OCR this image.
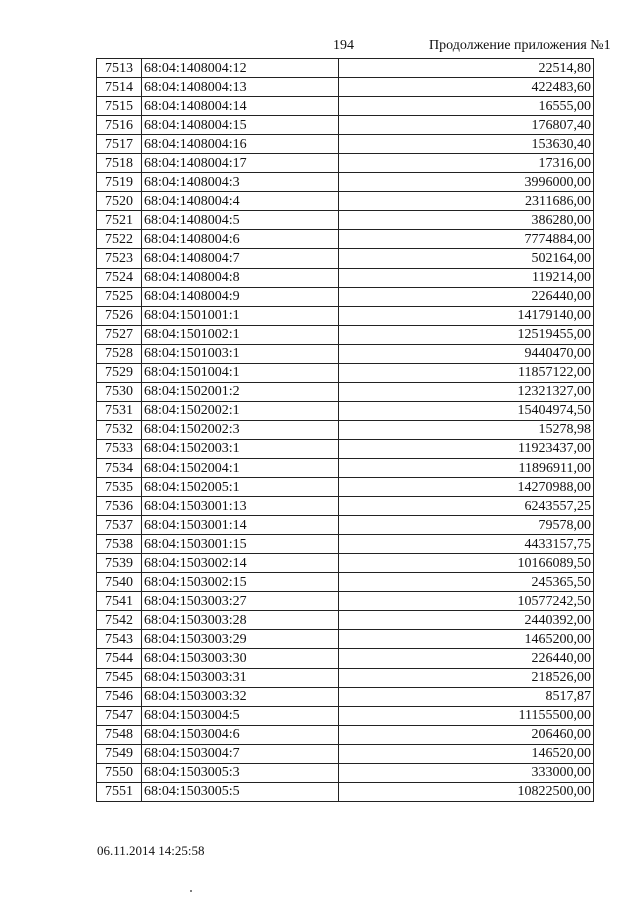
194	Продолжение приложения №1
7513	68:04:1408004:12	22514,80
7514	68:04:1408004:13	422483,60
7515	68:04:1408004:14	16555,00
7516	68:04:1408004:15	176807,40
7517	68:04:1408004:16	153630,40
7518	68:04:1408004:17	17316,00
7519	68:04:1408004:3	3996000,00
7520	68:04:1408004:4	2311686,00
7521	68:04:1408004:5	386280,00
7522	68:04:1408004:6	7774884,00
7523	68:04:1408004:7	502164,00
7524	68:04:1408004:8	119214,00
7525	68:04:1408004:9	226440,00
7526	68:04:1501001:1	14179140,00
7527	68:04:1501002:1	12519455,00
7528	68:04:1501003:1	9440470,00
7529	68:04:1501004:1	11857122,00
7530	68:04:1502001:2	12321327,00
7531	68:04:1502002:1	15404974,50
7532	68:04:1502002:3	15278,98
7533	68:04:1502003:1	11923437,00
7534	68:04:1502004:1	11896911,00
7535	68:04:1502005:1	14270988,00
7536	68:04:1503001:13	6243557,25
7537	68:04:1503001:14	79578,00
7538	68:04:1503001:15	4433157,75
7539	68:04:1503002:14	10166089,50
7540	68:04:1503002:15	245365,50
7541	68:04:1503003:27	10577242,50
7542	68:04:1503003:28	2440392,00
7543	68:04:1503003:29	1465200,00
7544	68:04:1503003:30	226440,00
7545	68:04:1503003:31	218526,00
7546	68:04:1503003:32	8517,87
7547	68:04:1503004:5	11155500,00
7548	68:04:1503004:6	206460,00
7549	68:04:1503004:7	146520,00
7550	68:04:1503005:3	333000,00
7551	68:04:1503005:5	10822500,00
06.11.2014 14:25:58
